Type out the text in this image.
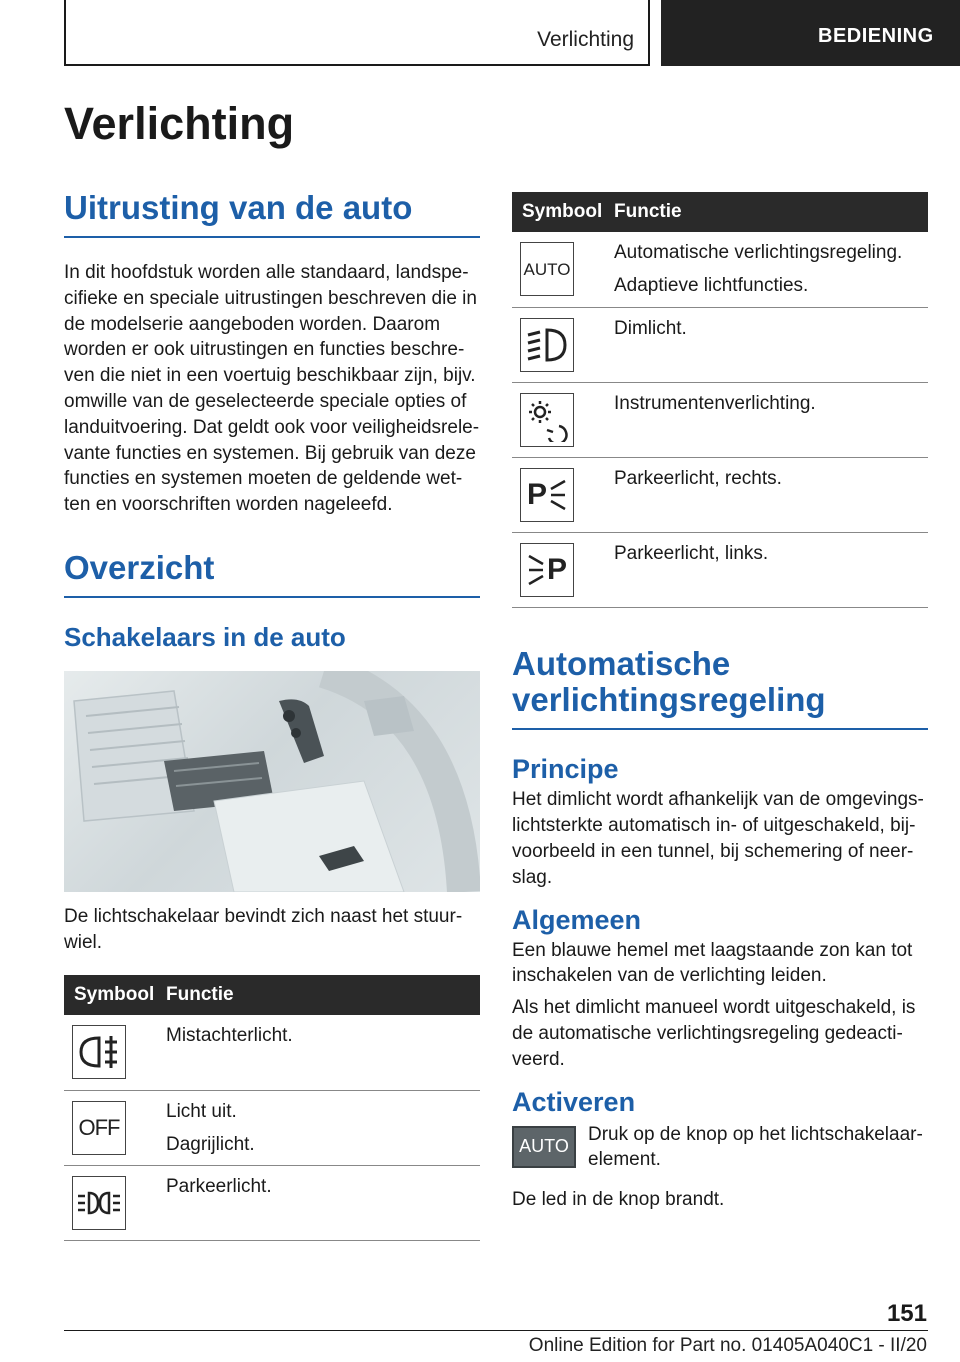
Verlichting	BEDIENING
Verlichting
Uitrusting van de auto

In dit hoofdstuk worden alle standaard, landspe-cifieke en speciale uitrustingen beschreven die in de modelserie aangeboden worden. Daarom worden er ook uitrustingen en functies beschre-ven die niet in een voertuig beschikbaar zijn, bijv. omwille van de geselecteerde speciale opties of landuitvoering. Dat geldt ook voor veiligheidsrele-vante functies en systemen. Bij gebruik van deze functies en systemen moeten de geldende wet-ten en voorschriften worden nageleefd.

Overzicht
Schakelaars in de auto

De lichtschakelaar bevindt zich naast het stuur-wiel.

Symbool	Functie

Mistachterlicht.

OFF	Licht uit.
Dagrijlicht.

Parkeerlicht.
Symbool	Functie

AUTO	Automatische verlichtingsregeling.
Adaptieve lichtfuncties.

Dimlicht.

Instrumentenverlichting.

P	Parkeerlicht, rechts.

P	Parkeerlicht, links.
Automatische verlichtingsregeling
Principe

Het dimlicht wordt afhankelijk van de omgevings-lichtsterkte automatisch in- of uitgeschakeld, bij-voorbeeld in een tunnel, bij schemering of neer-slag.

Algemeen

Een blauwe hemel met laagstaande zon kan tot inschakelen van de verlichting leiden.

Als het dimlicht manueel wordt uitgeschakeld, is de automatische verlichtingsregeling gedeacti-veerd.

Activeren
AUTO

Druk op de knop op het lichtschakelaar-element.

De led in de knop brandt.

151
Online Edition for Part no. 01405A040C1 - II/20
